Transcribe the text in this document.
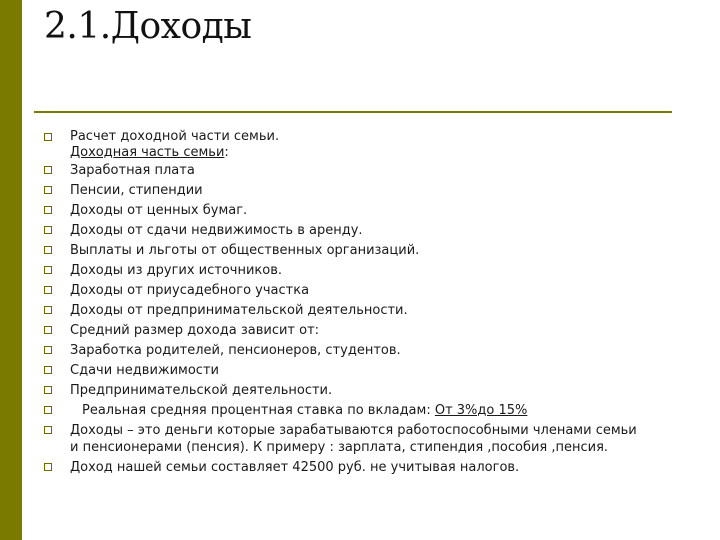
2.1.Доходы
Расчет доходной части семьи.
Доходная часть семьи:
Заработная плата
Пенсии, стипендии
Доходы от ценных бумаг.
Доходы от сдачи недвижимость в аренду.
Выплаты и льготы от общественных организаций.
Доходы из других источников.
Доходы от приусадебного участка
Доходы от предпринимательской деятельности.
Средний размер дохода зависит от:
Заработка родителей, пенсионеров, студентов.
Сдачи недвижимости
Предпринимательской деятельности.
Реальная средняя процентная ставка по вкладам: От 3%до 15%
Доходы – это деньги которые зарабатываются работоспособными членами семьи
и пенсионерами (пенсия). К примеру : зарплата, стипендия ,пособия ,пенсия.
Доход нашей семьи составляет 42500 руб. не учитывая налогов.
